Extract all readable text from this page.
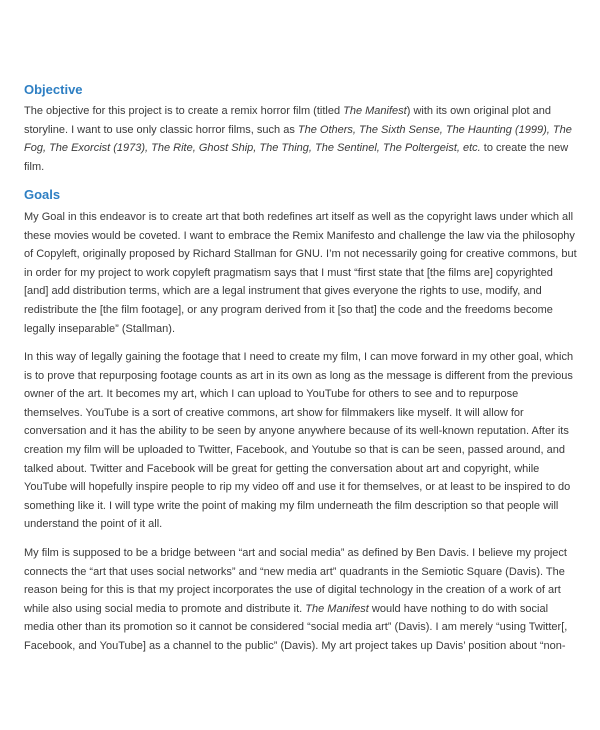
Objective
The objective for this project is to create a remix horror film (titled The Manifest) with its own original plot and
storyline. I want to use only classic horror films, such as The Others, The Sixth Sense, The Haunting (1999), The
Fog, The Exorcist (1973), The Rite, Ghost Ship, The Thing, The Sentinel, The Poltergeist, etc. to create the new
film.
Goals
My Goal in this endeavor is to create art that both redefines art itself as well as the copyright laws under which all
these movies would be coveted. I want to embrace the Remix Manifesto and challenge the law via the philosophy
of Copyleft, originally proposed by Richard Stallman for GNU. I’m not necessarily going for creative commons, but
in order for my project to work copyleft pragmatism says that I must “first state that [the films are] copyrighted
[and] add distribution terms, which are a legal instrument that gives everyone the rights to use, modify, and
redistribute the [the film footage], or any program derived from it [so that] the code and the freedoms become
legally inseparable” (Stallman).
In this way of legally gaining the footage that I need to create my film, I can move forward in my other goal, which
is to prove that repurposing footage counts as art in its own as long as the message is different from the previous
owner of the art. It becomes my art, which I can upload to YouTube for others to see and to repurpose
themselves. YouTube is a sort of creative commons, art show for filmmakers like myself. It will allow for
conversation and it has the ability to be seen by anyone anywhere because of its well-known reputation. After its
creation my film will be uploaded to Twitter, Facebook, and Youtube so that is can be seen, passed around, and
talked about. Twitter and Facebook will be great for getting the conversation about art and copyright, while
YouTube will hopefully inspire people to rip my video off and use it for themselves, or at least to be inspired to do
something like it. I will type write the point of making my film underneath the film description so that people will
understand the point of it all.
My film is supposed to be a bridge between “art and social media” as defined by Ben Davis. I believe my project
connects the “art that uses social networks” and “new media art” quadrants in the Semiotic Square (Davis). The
reason being for this is that my project incorporates the use of digital technology in the creation of a work of art
while also using social media to promote and distribute it. The Manifest would have nothing to do with social
media other than its promotion so it cannot be considered “social media art” (Davis). I am merely “using Twitter[,
Facebook, and YouTube] as a channel to the public” (Davis). My art project takes up Davis’ position about “non-
